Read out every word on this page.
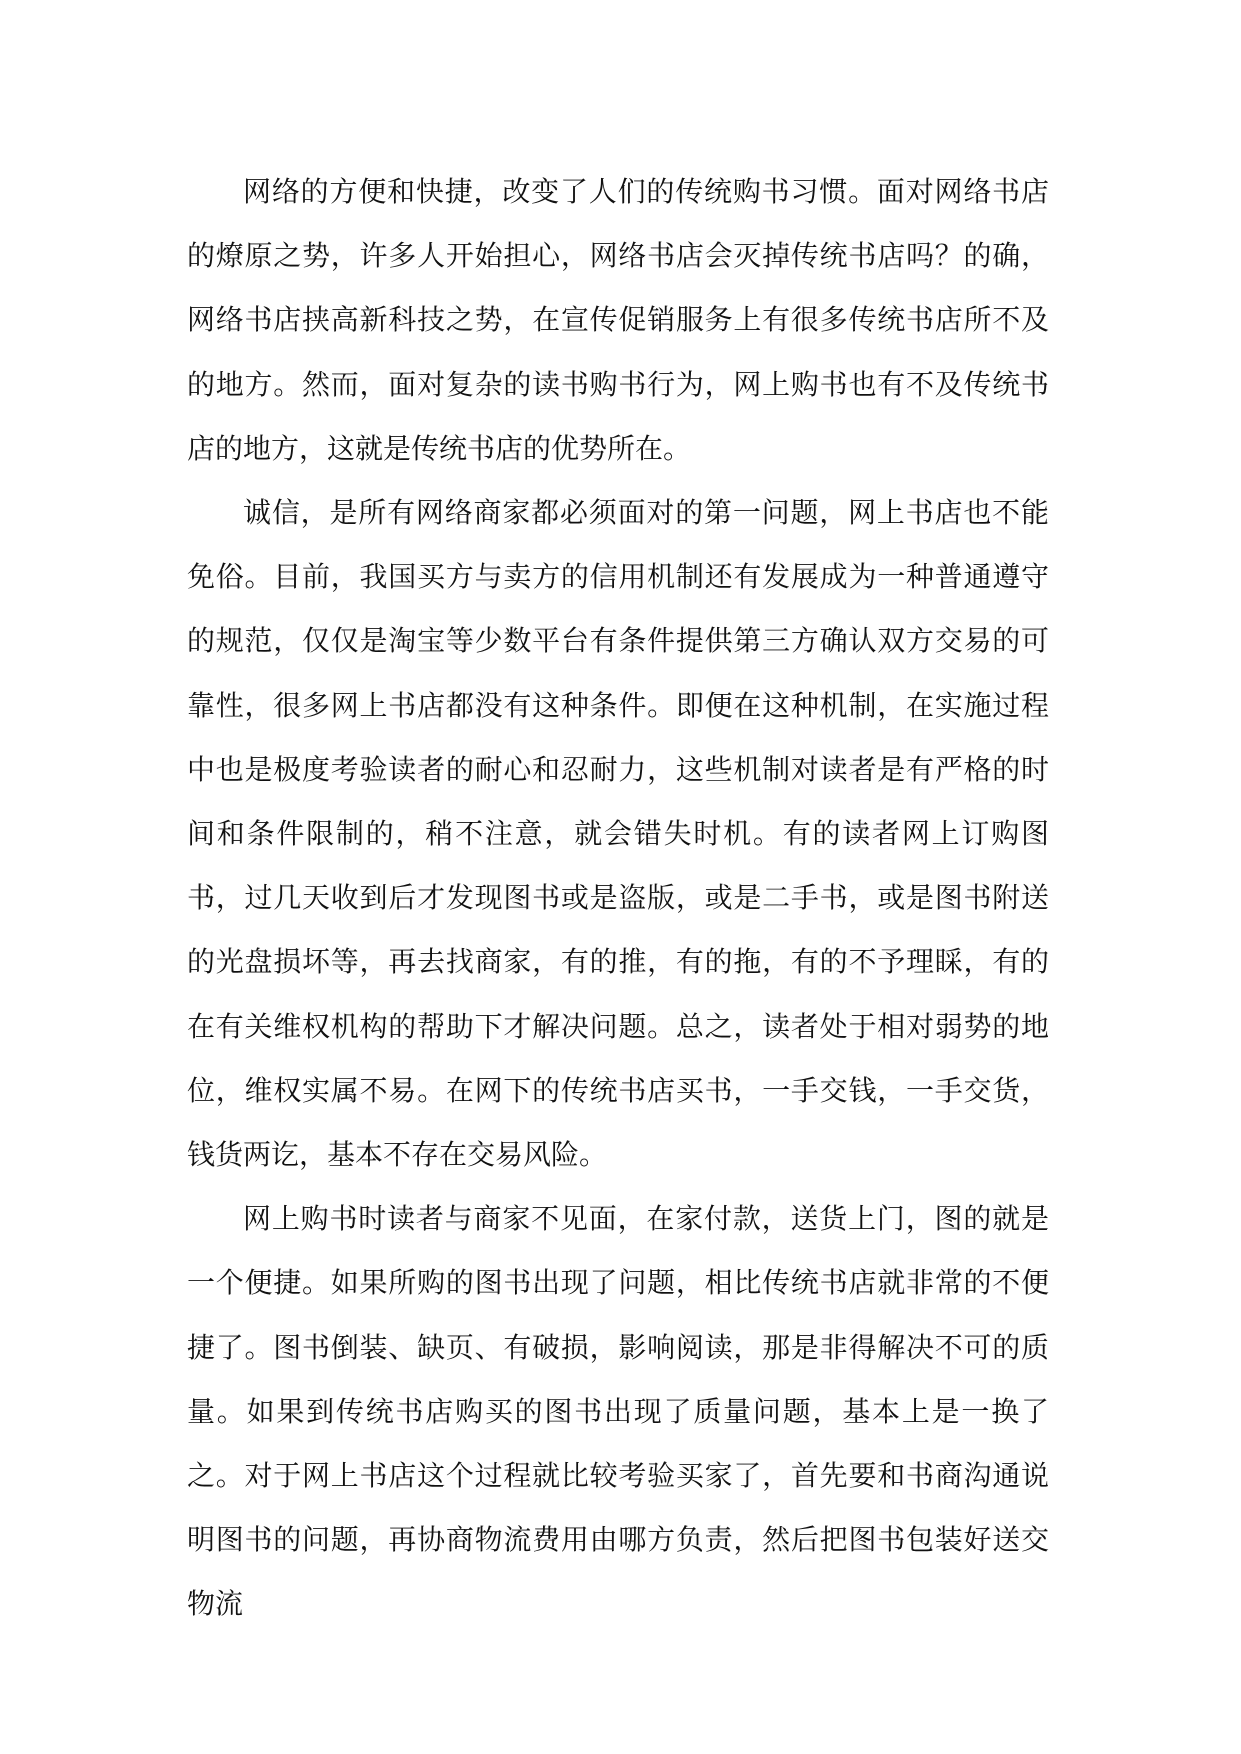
网络的方便和快捷，改变了人们的传统购书习惯。面对网络书店的燎原之势，许多人开始担心，网络书店会灭掉传统书店吗？的确，网络书店挟高新科技之势，在宣传促销服务上有很多传统书店所不及的地方。然而，面对复杂的读书购书行为，网上购书也有不及传统书店的地方，这就是传统书店的优势所在。

诚信，是所有网络商家都必须面对的第一问题，网上书店也不能免俗。目前，我国买方与卖方的信用机制还有发展成为一种普通遵守的规范，仅仅是淘宝等少数平台有条件提供第三方确认双方交易的可靠性，很多网上书店都没有这种条件。即便在这种机制，在实施过程中也是极度考验读者的耐心和忍耐力，这些机制对读者是有严格的时间和条件限制的，稍不注意，就会错失时机。有的读者网上订购图书，过几天收到后才发现图书或是盗版，或是二手书，或是图书附送的光盘损坏等，再去找商家，有的推，有的拖，有的不予理睬，有的在有关维权机构的帮助下才解决问题。总之，读者处于相对弱势的地位，维权实属不易。在网下的传统书店买书，一手交钱，一手交货，钱货两讫，基本不存在交易风险。

网上购书时读者与商家不见面，在家付款，送货上门，图的就是一个便捷。如果所购的图书出现了问题，相比传统书店就非常的不便捷了。图书倒装、缺页、有破损，影响阅读，那是非得解决不可的质量。如果到传统书店购买的图书出现了质量问题，基本上是一换了之。对于网上书店这个过程就比较考验买家了，首先要和书商沟通说明图书的问题，再协商物流费用由哪方负责，然后把图书包装好送交物流
